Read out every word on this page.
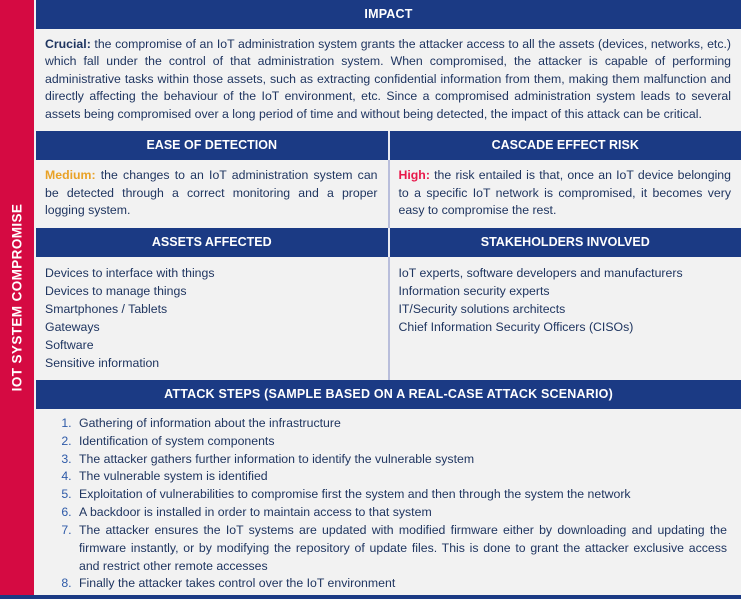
IOT SYSTEM COMPROMISE
IMPACT
Crucial: the compromise of an IoT administration system grants the attacker access to all the assets (devices, networks, etc.) which fall under the control of that administration system. When compromised, the attacker is capable of performing administrative tasks within those assets, such as extracting confidential information from them, making them malfunction and directly affecting the behaviour of the IoT environment, etc. Since a compromised administration system leads to several assets being compromised over a long period of time and without being detected, the impact of this attack can be critical.
EASE OF DETECTION	CASCADE EFFECT RISK
Medium: the changes to an IoT administration system can be detected through a correct monitoring and a proper logging system.
High: the risk entailed is that, once an IoT device belonging to a specific IoT network is compromised, it becomes very easy to compromise the rest.
ASSETS AFFECTED	STAKEHOLDERS INVOLVED
Devices to interface with things
Devices to manage things
Smartphones / Tablets
Gateways
Software
Sensitive information
IoT experts, software developers and manufacturers
Information security experts
IT/Security solutions architects
Chief Information Security Officers (CISOs)
ATTACK STEPS (SAMPLE BASED ON A REAL-CASE ATTACK SCENARIO)
1. Gathering of information about the infrastructure
2. Identification of system components
3. The attacker gathers further information to identify the vulnerable system
4. The vulnerable system is identified
5. Exploitation of vulnerabilities to compromise first the system and then through the system the network
6. A backdoor is installed in order to maintain access to that system
7. The attacker ensures the IoT systems are updated with modified firmware either by downloading and updating the firmware instantly, or by modifying the repository of update files. This is done to grant the attacker exclusive access and restrict other remote accesses
8. Finally the attacker takes control over the IoT environment
